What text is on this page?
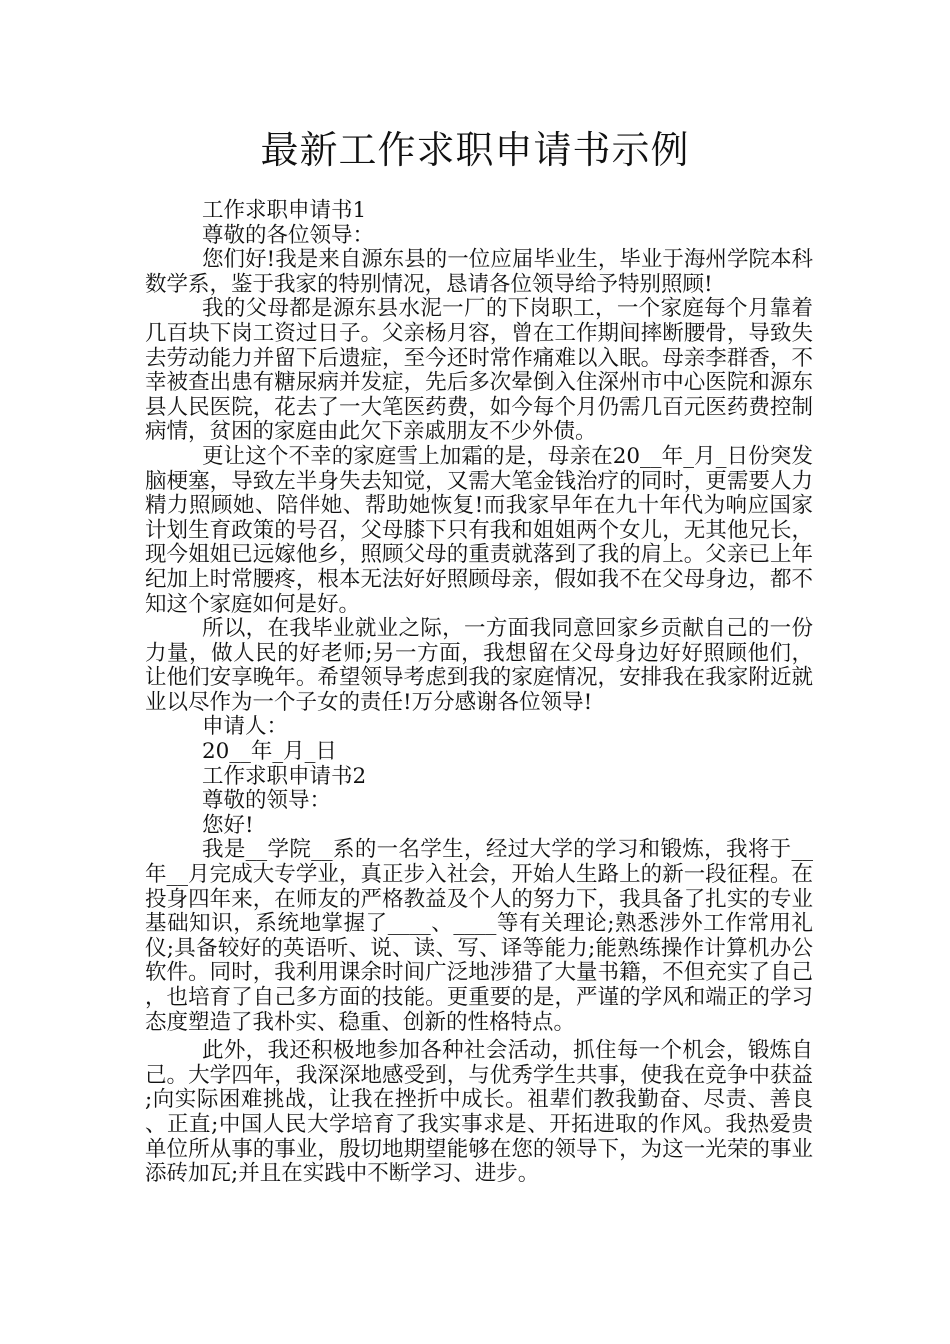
最新工作求职申请书示例

工作求职申请书1

尊敬的各位领导：

您们好!我是来自源东县的一位应届毕业生，毕业于海州学院本科数学系，鉴于我家的特别情况，恳请各位领导给予特别照顾!

我的父母都是源东县水泥一厂的下岗职工，一个家庭每个月靠着几百块下岗工资过日子。父亲杨月容，曾在工作期间摔断腰骨，导致失去劳动能力并留下后遗症，至今还时常作痛难以入眠。母亲李群香，不幸被查出患有糖尿病并发症，先后多次晕倒入住深州市中心医院和源东县人民医院，花去了一大笔医药费，如今每个月仍需几百元医药费控制病情，贫困的家庭由此欠下亲戚朋友不少外债。

更让这个不幸的家庭雪上加霜的是，母亲在20__年_月_日份突发脑梗塞，导致左半身失去知觉，又需大笔金钱治疗的同时，更需要人力精力照顾她、陪伴她、帮助她恢复!而我家早年在九十年代为响应国家计划生育政策的号召，父母膝下只有我和姐姐两个女儿，无其他兄长，现今姐姐已远嫁他乡，照顾父母的重责就落到了我的肩上。父亲已上年纪加上时常腰疼，根本无法好好照顾母亲，假如我不在父母身边，都不知这个家庭如何是好。

所以，在我毕业就业之际，一方面我同意回家乡贡献自己的一份力量，做人民的好老师;另一方面，我想留在父母身边好好照顾他们，让他们安享晚年。希望领导考虑到我的家庭情况，安排我在我家附近就业以尽作为一个子女的责任!万分感谢各位领导!

申请人：

20__年_月_日

工作求职申请书2

尊敬的领导：

您好!

我是__学院__系的一名学生，经过大学的学习和锻炼，我将于__年__月完成大专学业，真正步入社会，开始人生路上的新一段征程。在投身四年来，在师友的严格教益及个人的努力下，我具备了扎实的专业基础知识，系统地掌握了____、____等有关理论;熟悉涉外工作常用礼仪;具备较好的英语听、说、读、写、译等能力;能熟练操作计算机办公软件。同时，我利用课余时间广泛地涉猎了大量书籍，不但充实了自己，也培育了自己多方面的技能。更重要的是，严谨的学风和端正的学习态度塑造了我朴实、稳重、创新的性格特点。

此外，我还积极地参加各种社会活动，抓住每一个机会，锻炼自己。大学四年，我深深地感受到，与优秀学生共事，使我在竞争中获益;向实际困难挑战，让我在挫折中成长。祖辈们教我勤奋、尽责、善良、正直;中国人民大学培育了我实事求是、开拓进取的作风。我热爱贵单位所从事的事业，殷切地期望能够在您的领导下，为这一光荣的事业添砖加瓦;并且在实践中不断学习、进步。
